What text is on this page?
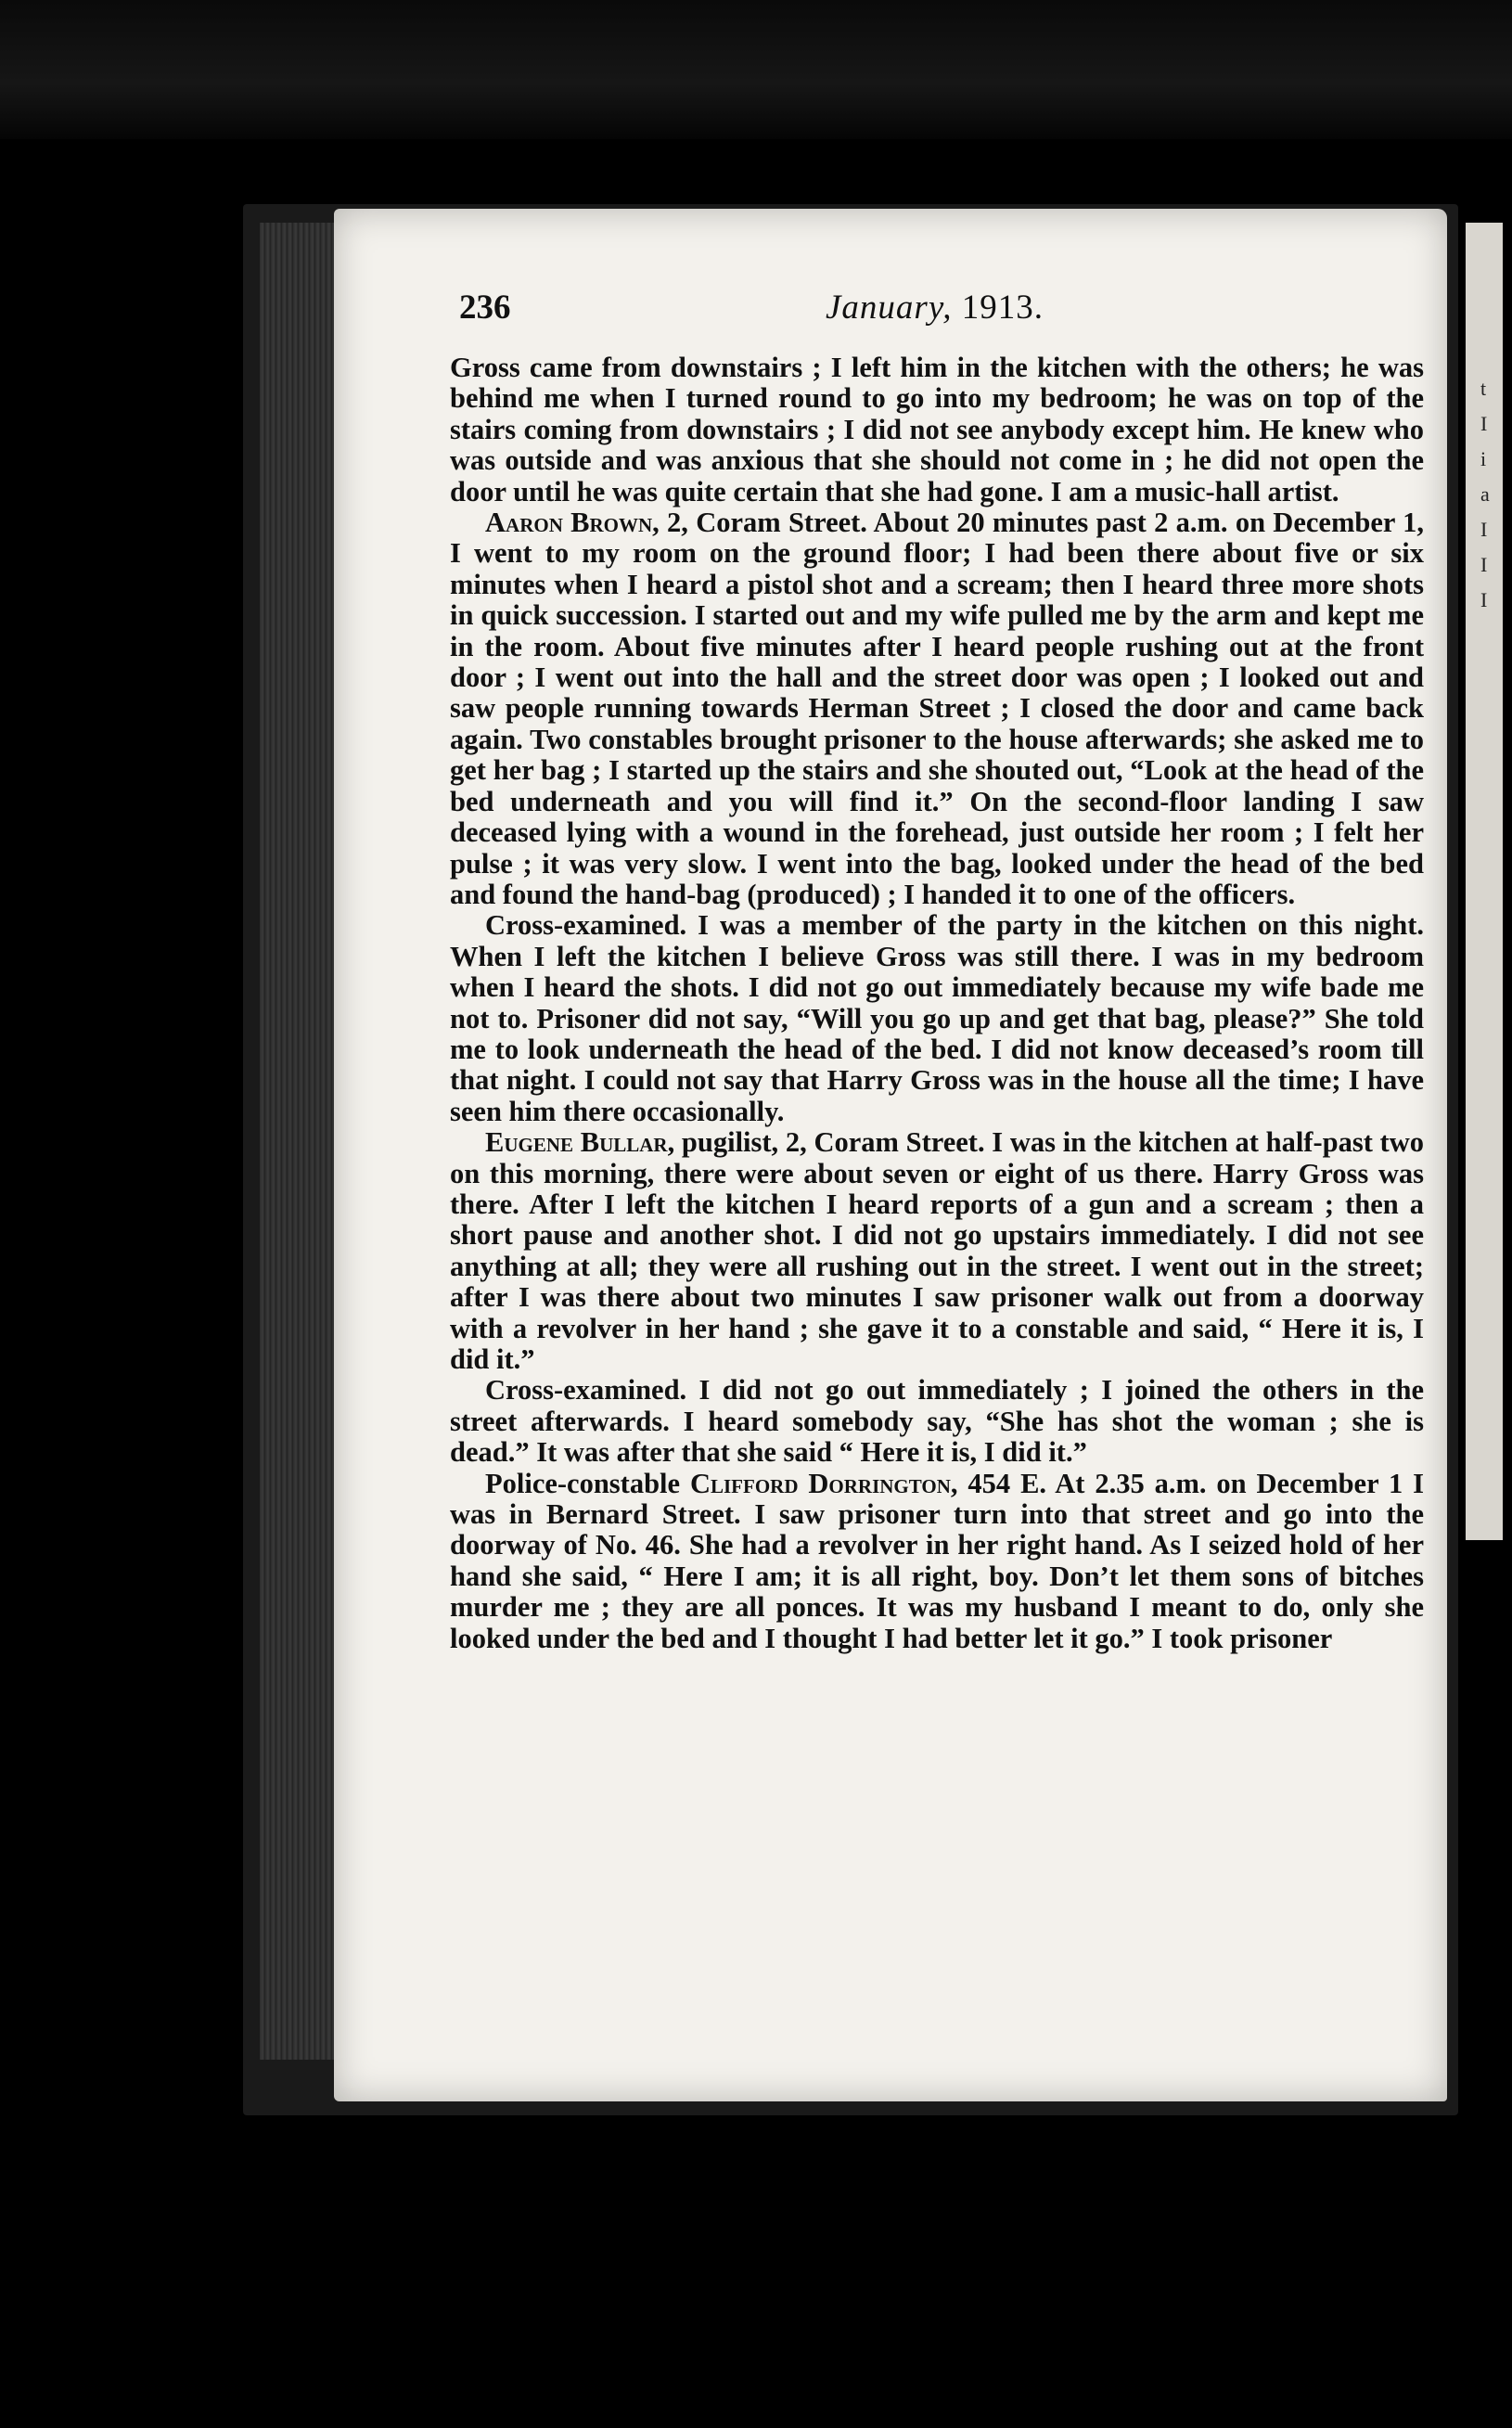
t
I
i
a
I
I
I
236	January, 1913.

Gross came from downstairs ; I left him in the kitchen with the others; he was behind me when I turned round to go into my bedroom; he was on top of the stairs coming from downstairs ; I did not see anybody except him. He knew who was outside and was anxious that she should not come in ; he did not open the door until he was quite certain that she had gone. I am a music-hall artist.

Aaron Brown, 2, Coram Street. About 20 minutes past 2 a.m. on December 1, I went to my room on the ground floor; I had been there about five or six minutes when I heard a pistol shot and a scream; then I heard three more shots in quick succession. I started out and my wife pulled me by the arm and kept me in the room. About five minutes after I heard people rushing out at the front door ; I went out into the hall and the street door was open ; I looked out and saw people running towards Herman Street ; I closed the door and came back again. Two constables brought prisoner to the house afterwards; she asked me to get her bag ; I started up the stairs and she shouted out, “Look at the head of the bed underneath and you will find it.” On the second-floor landing I saw deceased lying with a wound in the forehead, just outside her room ; I felt her pulse ; it was very slow. I went into the bag, looked under the head of the bed and found the hand-bag (produced) ; I handed it to one of the officers.

Cross-examined. I was a member of the party in the kitchen on this night. When I left the kitchen I believe Gross was still there. I was in my bedroom when I heard the shots. I did not go out immediately because my wife bade me not to. Prisoner did not say, “Will you go up and get that bag, please?” She told me to look underneath the head of the bed. I did not know deceased’s room till that night. I could not say that Harry Gross was in the house all the time; I have seen him there occasionally.

Eugene Bullar, pugilist, 2, Coram Street. I was in the kitchen at half-past two on this morning, there were about seven or eight of us there. Harry Gross was there. After I left the kitchen I heard reports of a gun and a scream ; then a short pause and another shot. I did not go upstairs immediately. I did not see anything at all; they were all rushing out in the street. I went out in the street; after I was there about two minutes I saw prisoner walk out from a doorway with a revolver in her hand ; she gave it to a constable and said, “ Here it is, I did it.”

Cross-examined. I did not go out immediately ; I joined the others in the street afterwards. I heard somebody say, “She has shot the woman ; she is dead.” It was after that she said “ Here it is, I did it.”

Police-constable Clifford Dorrington, 454 E. At 2.35 a.m. on December 1 I was in Bernard Street. I saw prisoner turn into that street and go into the doorway of No. 46. She had a revolver in her right hand. As I seized hold of her hand she said, “ Here I am; it is all right, boy. Don’t let them sons of bitches murder me ; they are all ponces. It was my husband I meant to do, only she looked under the bed and I thought I had better let it go.” I took prisoner
